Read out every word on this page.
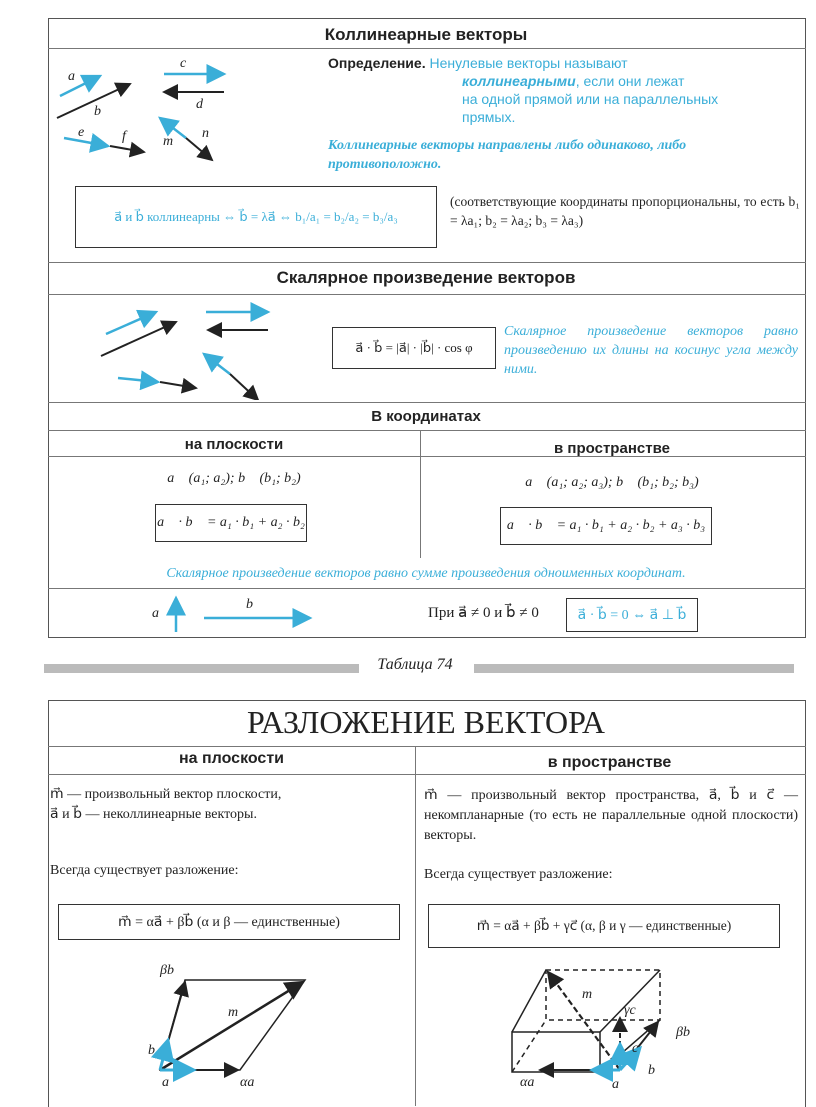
Коллинеарные векторы
a⃗
b⃗
c⃗
d⃗
e⃗ f⃗ m⃗
n⃗
Определение. Ненулевые векторы называют
коллинеарными, если они лежат
на одной прямой или на параллельных
прямых.
Коллинеарные векторы направлены либо одинаково, либо противоположно.
a⃗ и b⃗ коллинеарны ⇔ b⃗ = λa⃗ ⇔ b₁/a₁ = b₂/a₂ = b₃/a₃
(соответствующие координаты пропорциональны, то есть b₁ = λa₁; b₂ = λa₂; b₃ = λa₃)
Скалярное произведение векторов
a⃗ · b⃗ = |a⃗| · |b⃗| · cos φ
Скалярное произведение векторов равно произведению их длины на косинус угла между ними.
В координатах
на плоскости	в пространстве
a⃗ (a₁; a₂); b⃗ (b₁; b₂)
a⃗ · b⃗ = a₁ · b₁ + a₂ · b₂
a⃗ (a₁; a₂; a₃); b⃗ (b₁; b₂; b₃)
a⃗ · b⃗ = a₁ · b₁ + a₂ · b₂ + a₃ · b₃
Скалярное произведение векторов равно сумме произведения одноименных координат.
a⃗
b⃗
При a⃗ ≠ 0 и b⃗ ≠ 0	a⃗ · b⃗ = 0 ⇔ a⃗ ⊥ b⃗
Таблица 74
РАЗЛОЖЕНИЕ ВЕКТОРА
на плоскости	в пространстве
m⃗ — произвольный вектор плоскости,
a⃗ и b⃗ — неколлинеарные векторы.
Всегда существует разложение:
m⃗ = αa⃗ + βb⃗ (α и β — единственные)
m⃗ — произвольный вектор пространства, a⃗, b⃗ и c⃗ — некомпланарные (то есть не параллельные одной плоскости) векторы.
Всегда существует разложение:
m⃗ = αa⃗ + βb⃗ + γc⃗ (α, β и γ — единственные)
βb⃗
m⃗
b⃗
a⃗	αa⃗
m⃗
γc⃗
βb⃗
c⃗
b⃗
a⃗
αa⃗
